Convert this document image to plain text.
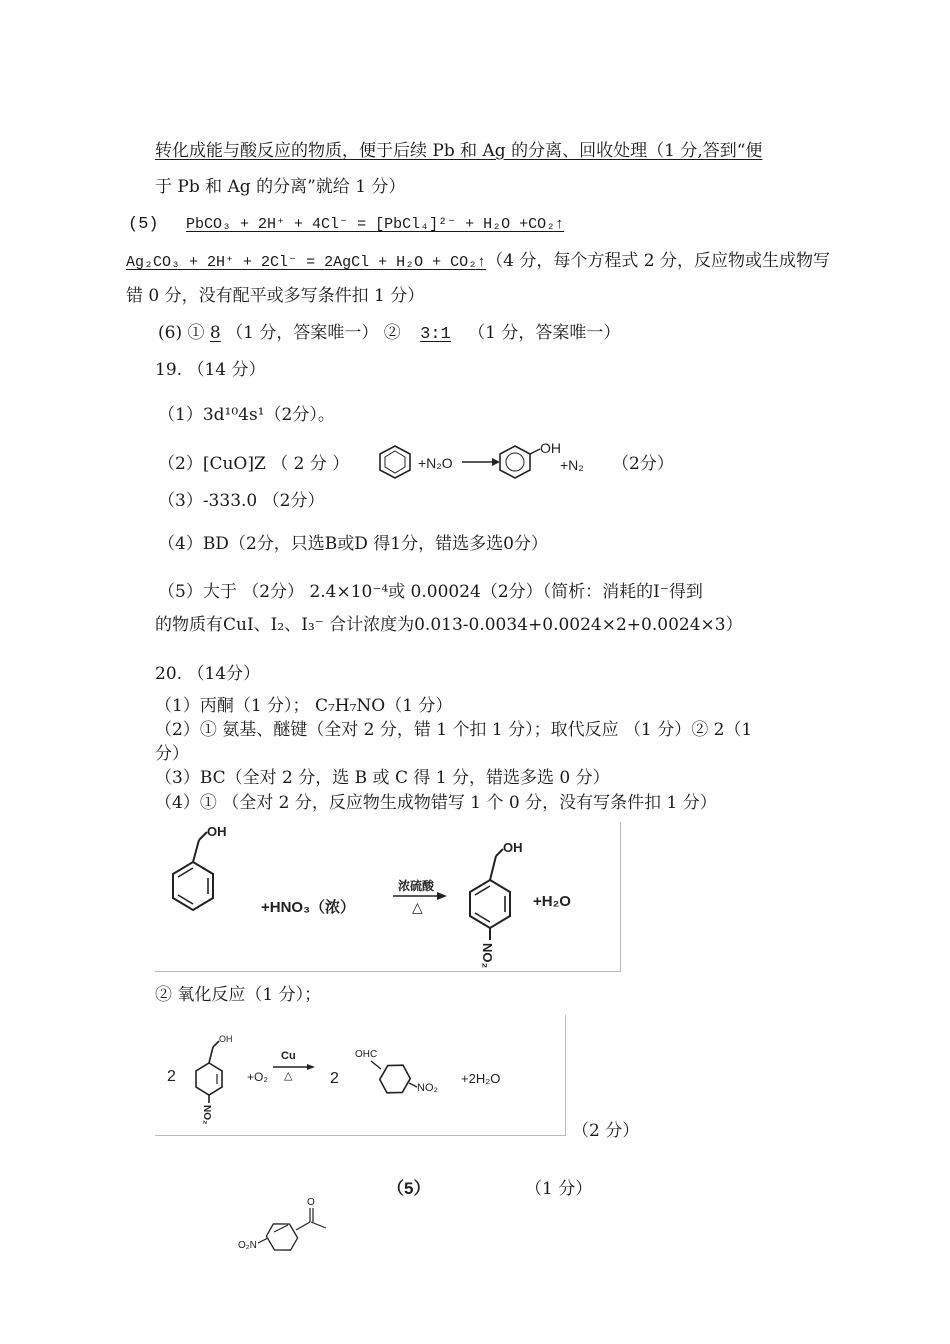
转化成能与酸反应的物质，便于后续 Pb 和 Ag 的分离、回收处理（1 分,答到“便
于 Pb 和 Ag 的分离”就给 1 分）
(5) PbCO₃ + 2H⁺ + 4Cl⁻ = [PbCl₄]²⁻ + H₂O +CO₂↑
Ag₂CO₃ + 2H⁺ + 2Cl⁻ = 2AgCl + H₂O + CO₂↑（4 分，每个方程式 2 分，反应物或生成物写
错 0 分，没有配平或多写条件扣 1 分）
(6) ① 8 （1 分，答案唯一） ② 3:1 （1 分，答案唯一）
19. （14 分）
（1）3d¹⁰4s¹（2分）。
（2）[CuO]Z （ 2 分 ）	+N₂O
OH
+N₂ （2分）
（3）-333.0 （2分）
（4）BD（2分，只选B或D 得1分，错选多选0分）
（5）大于 （2分） 2.4×10⁻⁴或 0.00024（2分）（简析：消耗的I⁻得到
的物质有CuI、I₂、I₃⁻ 合计浓度为0.013-0.0034+0.0024×2+0.0024×3）
20. （14分）
（1）丙酮（1 分）； C₇H₇NO（1 分）
（2）① 氨基、醚键（全对 2 分，错 1 个扣 1 分）；取代反应 （1 分）② 2（1
分）
（3）BC（全对 2 分，选 B 或 C 得 1 分，错选多选 0 分）
（4）① （全对 2 分，反应物生成物错写 1 个 0 分，没有写条件扣 1 分）
OH
+HNO₃（浓）
浓硫酸
△
OH
NO₂
+H₂O
② 氧化反应（1 分）；
2
OH
NO₂
+O₂
Cu
△ 2
OHC
NO₂
+2H₂O
（2 分）
（5）	（1 分）
O₂N
O
